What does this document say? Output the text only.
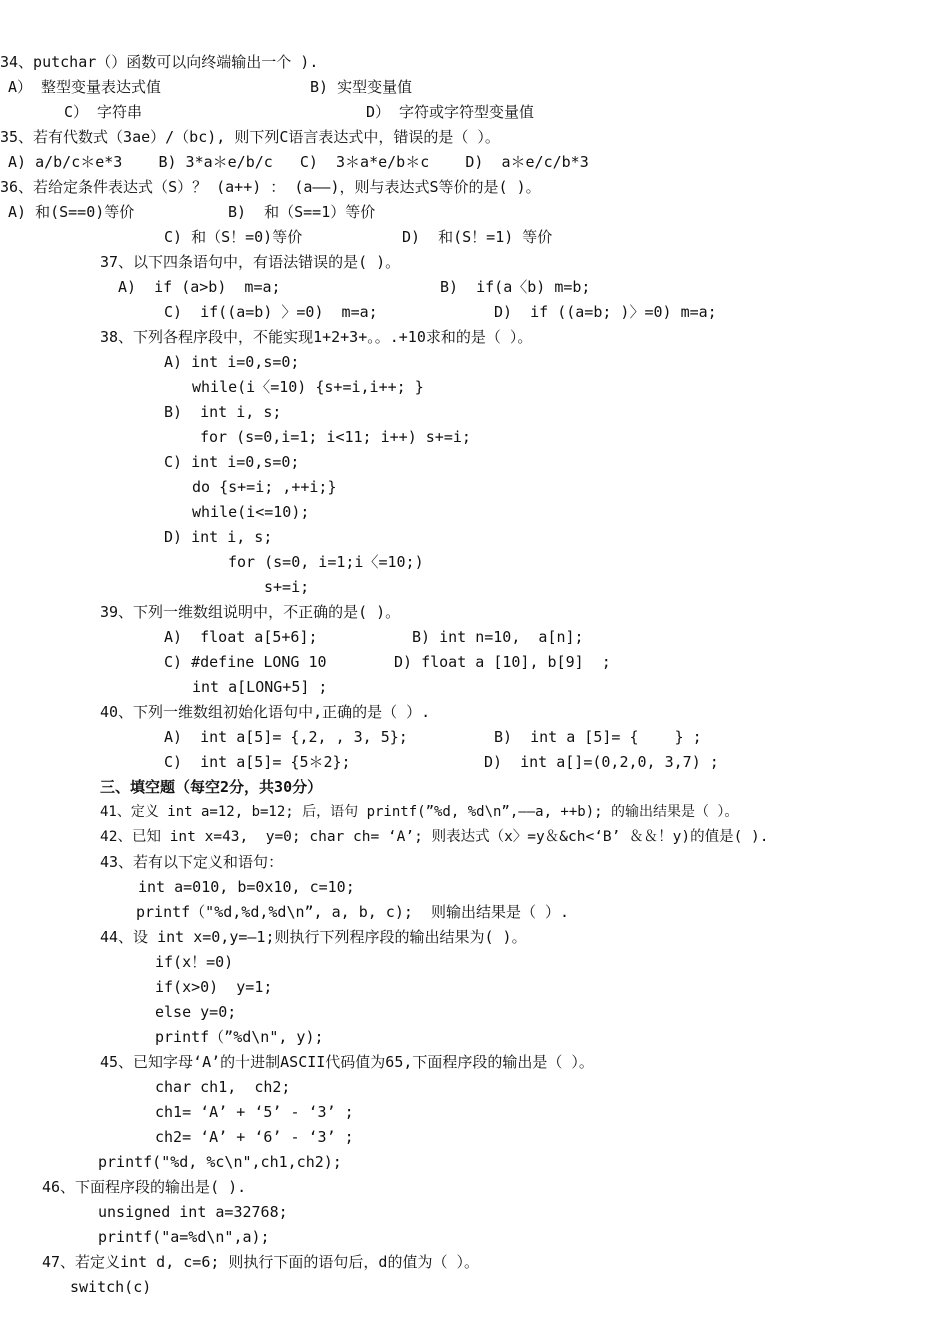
34、putchar（）函数可以向终端输出一个 ).
A） 整型变量表达式值	B) 实型变量值
C） 字符串	D） 字符或字符型变量值
35、若有代数式（3ae）/（bc), 则下列C语言表达式中，错误的是（ ）。
A) a/b/c＊e*3    B) 3*a＊e/b/c   C)  3＊a*e/b＊c    D)  a＊e/c/b*3
36、若给定条件表达式（S）？ (a++) ： (a——)，则与表达式S等价的是( )。
A) 和(S==0)等价	B)  和（S==1）等价
C) 和（S！=0)等价	D)  和(S！=1) 等价
37、以下四条语句中，有语法错误的是( )。
A)  if (a>b)  m=a;	B)  if(a〈b) m=b;
C)  if((a=b) 〉=0)  m=a;	D)  if ((a=b; )〉=0) m=a;
38、下列各程序段中，不能实现1+2+3+。。.+10求和的是（ ）。
A) int i=0,s=0;
while(i〈=10) {s+=i,i++; }
B)  int i, s;
for (s=0,i=1; i<11; i++) s+=i;
C) int i=0,s=0;
do {s+=i; ,++i;}
while(i<=10);
D) int i, s;
for (s=0, i=1;i〈=10;)
s+=i;
39、下列一维数组说明中，不正确的是( )。
A)  float a[5+6];	B) int n=10,  a[n];
C) #define LONG 10	D) float a [10], b[9]  ;
int a[LONG+5] ;
40、下列一维数组初始化语句中,正确的是（ ）.
A)  int a[5]= {,2, , 3, 5};	B)  int a [5]= {    } ;
C)  int a[5]= {5＊2};	D)  int a[]=(0,2,0, 3,7) ;
三、填空题（每空2分，共30分）
41、定义 int a=12, b=12; 后，语句 printf(”%d, %d\n”,——a, ++b); 的输出结果是（ ）。
42、已知 int x=43,  y=0; char ch= ‘A’; 则表达式（x〉=y＆&ch<‘B’ ＆＆！y)的值是( ).
43、若有以下定义和语句：
int a=010, b=0x10, c=10;
printf（"%d,%d,%d\n”, a, b, c);  则输出结果是（ ）.
44、设 int x=0,y=—1;则执行下列程序段的输出结果为( )。
if(x！=0)
if(x>0)  y=1;
else y=0;
printf（”%d\n", y);
45、已知字母‘A’的十进制ASCII代码值为65,下面程序段的输出是（ ）。
char ch1,  ch2;
ch1= ‘A’ + ‘5’ - ‘3’ ;
ch2= ‘A’ + ‘6’ - ‘3’ ;
printf("%d, %c\n",ch1,ch2);
46、下面程序段的输出是( ).
unsigned int a=32768;
printf("a=%d\n",a);
47、若定义int d, c=6; 则执行下面的语句后，d的值为（ ）。
switch(c)
